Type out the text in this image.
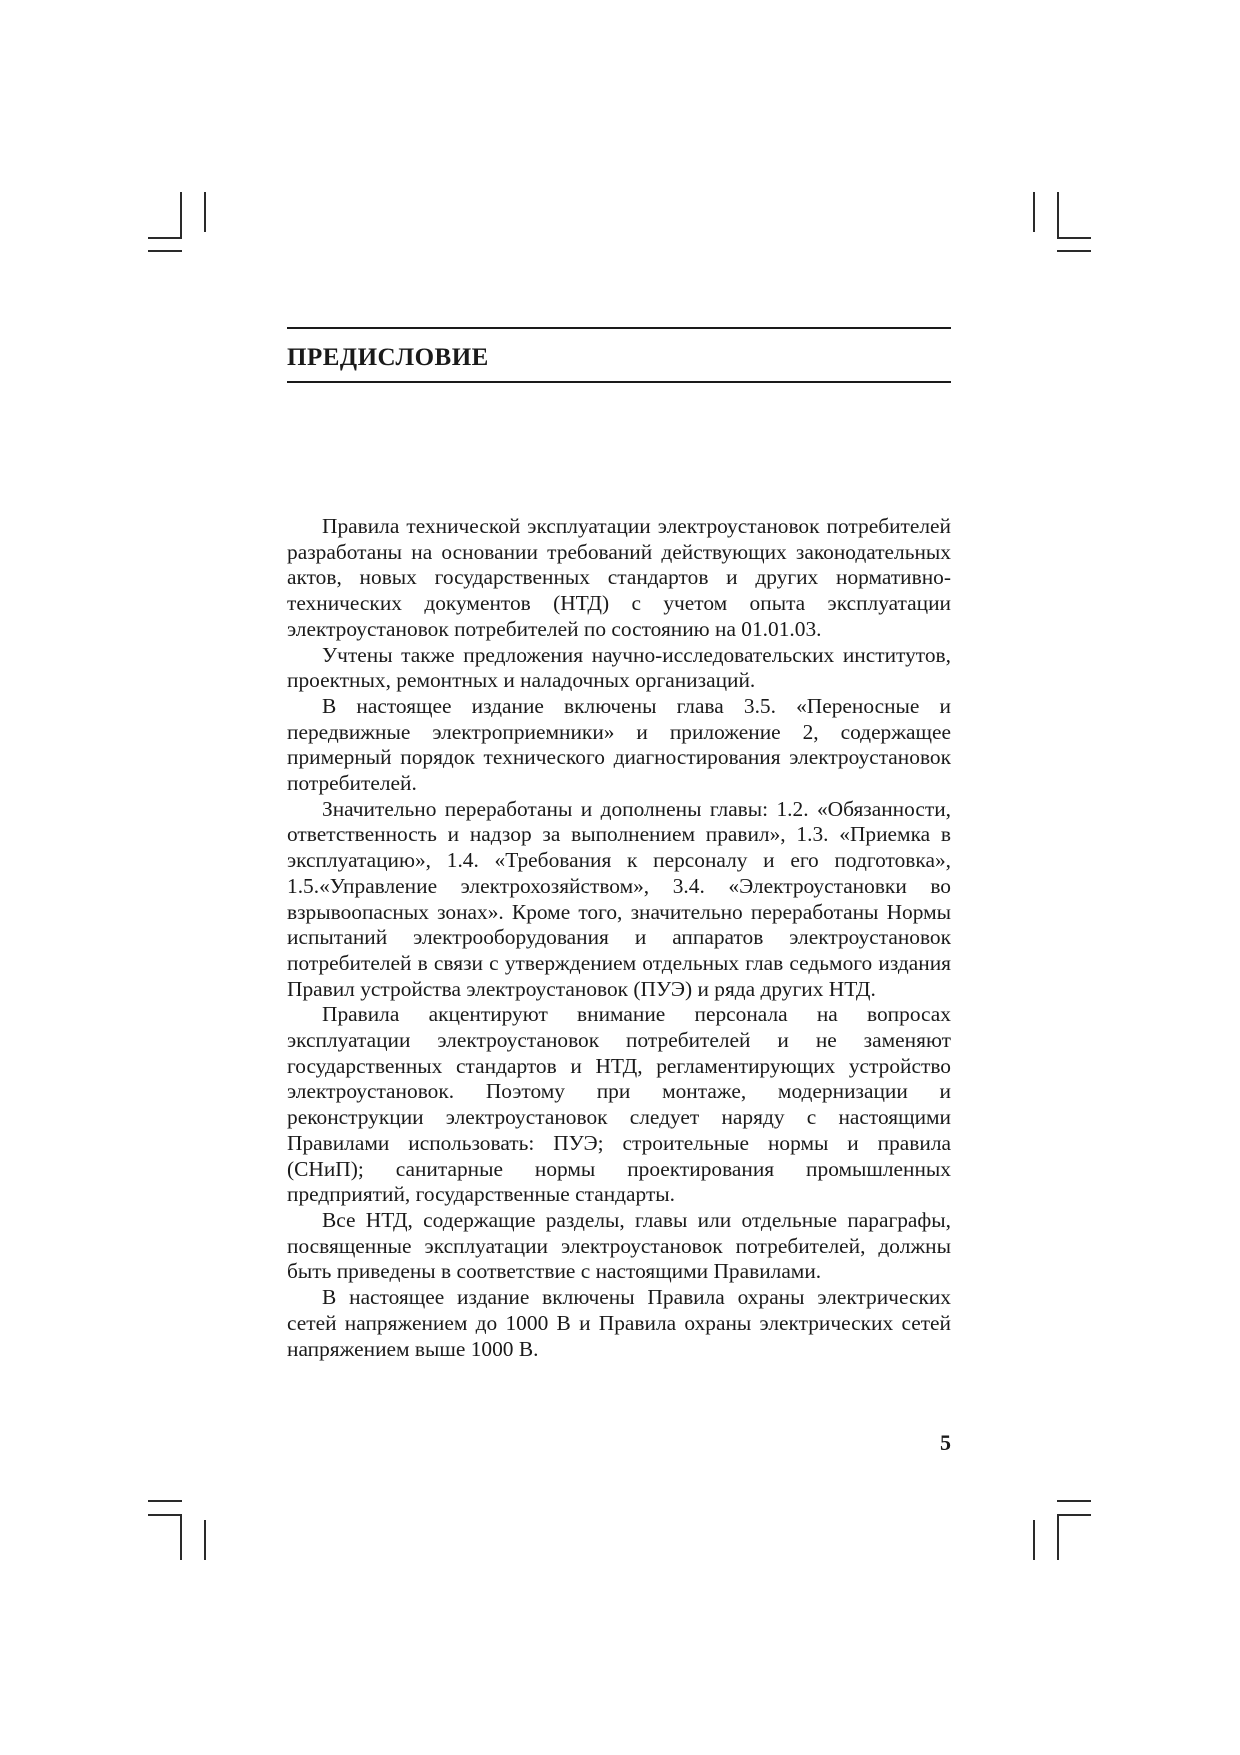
ПРЕДИСЛОВИЕ

Правила технической эксплуатации электроустановок потребителей разработаны на основании требований действующих законодательных актов, новых государственных стандартов и других нормативно-технических документов (НТД) с учетом опыта эксплуатации электроустановок потребителей по состоянию на 01.01.03.

Учтены также предложения научно-исследовательских институтов, проектных, ремонтных и наладочных организаций.

В настоящее издание включены глава 3.5. «Переносные и передвижные электроприемники» и приложение 2, содержащее примерный порядок технического диагностирования электроустановок потребителей.

Значительно переработаны и дополнены главы: 1.2. «Обязанности, ответственность и надзор за выполнением правил», 1.3. «Приемка в эксплуатацию», 1.4. «Требования к персоналу и его подготовка», 1.5.«Управление электрохозяйством», 3.4. «Электроустановки во взрывоопасных зонах». Кроме того, значительно переработаны Нормы испытаний электрооборудования и аппаратов электроустановок потребителей в связи с утверждением отдельных глав седьмого издания Правил устройства электроустановок (ПУЭ) и ряда других НТД.

Правила акцентируют внимание персонала на вопросах эксплуатации электроустановок потребителей и не заменяют государственных стандартов и НТД, регламентирующих устройство электроустановок. Поэтому при монтаже, модернизации и реконструкции электроустановок следует наряду с настоящими Правилами использовать: ПУЭ; строительные нормы и правила (СНиП); санитарные нормы проектирования промышленных предприятий, государственные стандарты.

Все НТД, содержащие разделы, главы или отдельные параграфы, посвященные эксплуатации электроустановок потребителей, должны быть приведены в соответствие с настоящими Правилами.

В настоящее издание включены Правила охраны электрических сетей напряжением до 1000 В и Правила охраны электрических сетей напряжением выше 1000 В.

5
